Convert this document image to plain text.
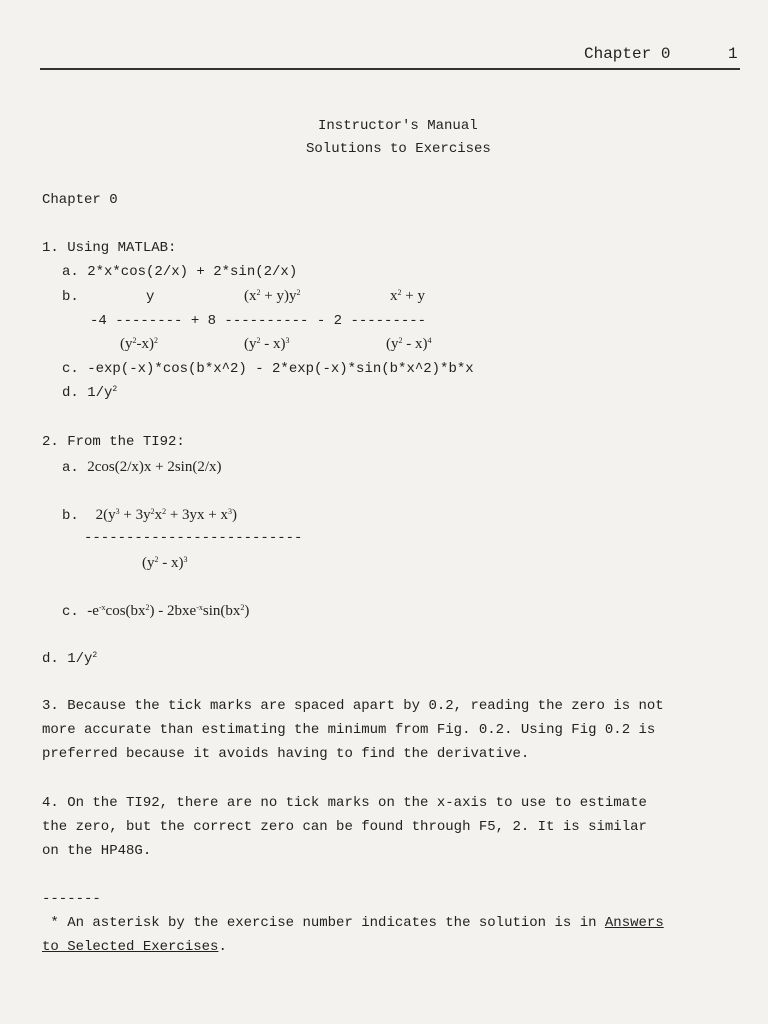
Chapter 0	1
Instructor's Manual
Solutions to Exercises
Chapter 0
1. Using MATLAB:
a. 2*x*cos(2/x) + 2*sin(2/x)
b.	y	$(x^2 + y)y^2$	$x^2 + y$
-4 -------- + 8 ---------- - 2 ---------
$(y^2-x)^2$	$(y^2 - x)^3$	$(y^2 - x)^4$
c. -exp(-x)*cos(b*x^2) - 2*exp(-x)*sin(b*x^2)*b*x
d. $1/y^2$
2. From the TI92:
a. 2cos(2/x)x + 2sin(2/x)
b. $2(y^3 + 3y^2x^2 + 3yx + x^3)$
--------------------------
$(y^2 - x)^3$
c. $-e^{-x}\cos(bx^2) - 2bxe^{-x}\sin(bx^2)$
d. $1/y^2$
3. Because the tick marks are spaced apart by 0.2, reading the zero is not
more accurate than estimating the minimum from Fig. 0.2. Using Fig 0.2 is
preferred because it avoids having to find the derivative.
4. On the TI92, there are no tick marks on the x-axis to use to estimate
the zero, but the correct zero can be found through F5, 2. It is similar
on the HP48G.
-------
* An asterisk by the exercise number indicates the solution is in Answers
to Selected Exercises.
